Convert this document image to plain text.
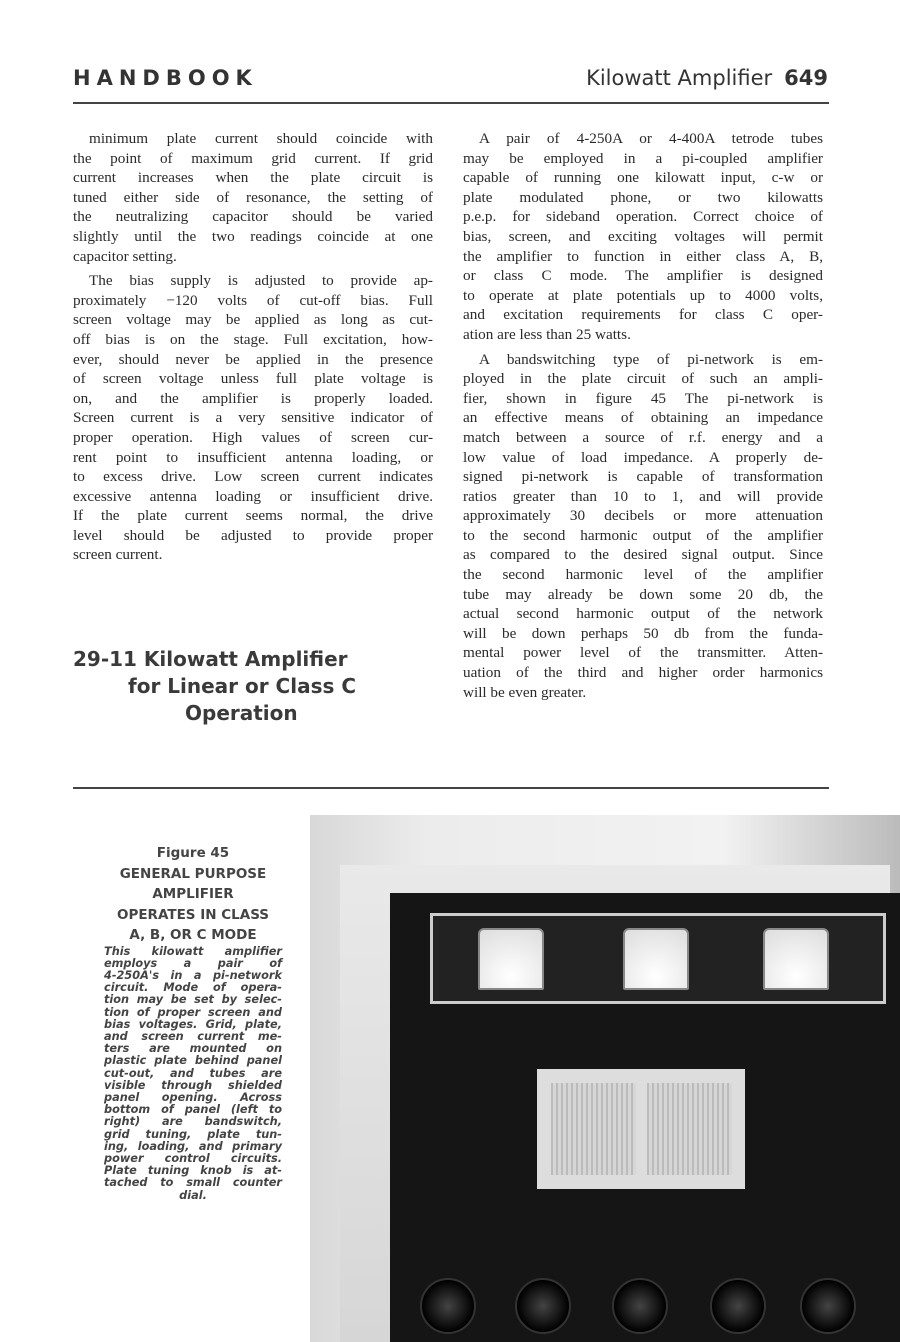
HANDBOOK	Kilowatt Amplifier 649
minimum plate current should coincide with
the point of maximum grid current. If grid
current increases when the plate circuit is
tuned either side of resonance, the setting of
the neutralizing capacitor should be varied
slightly until the two readings coincide at one
capacitor setting.
The bias supply is adjusted to provide ap-
proximately −120 volts of cut-off bias. Full
screen voltage may be applied as long as cut-
off bias is on the stage. Full excitation, how-
ever, should never be applied in the presence
of screen voltage unless full plate voltage is
on, and the amplifier is properly loaded.
Screen current is a very sensitive indicator of
proper operation. High values of screen cur-
rent point to insufficient antenna loading, or
to excess drive. Low screen current indicates
excessive antenna loading or insufficient drive.
If the plate current seems normal, the drive
level should be adjusted to provide proper
screen current.
A pair of 4-250A or 4-400A tetrode tubes
may be employed in a pi-coupled amplifier
capable of running one kilowatt input, c-w or
plate modulated phone, or two kilowatts
p.e.p. for sideband operation. Correct choice of
bias, screen, and exciting voltages will permit
the amplifier to function in either class A, B,
or class C mode. The amplifier is designed
to operate at plate potentials up to 4000 volts,
and excitation requirements for class C oper-
ation are less than 25 watts.
A bandswitching type of pi-network is em-
ployed in the plate circuit of such an ampli-
fier, shown in figure 45 The pi-network is
an effective means of obtaining an impedance
match between a source of r.f. energy and a
low value of load impedance. A properly de-
signed pi-network is capable of transformation
ratios greater than 10 to 1, and will provide
approximately 30 decibels or more attenuation
to the second harmonic output of the amplifier
as compared to the desired signal output. Since
the second harmonic level of the amplifier
tube may already be down some 20 db, the
actual second harmonic output of the network
will be down perhaps 50 db from the funda-
mental power level of the transmitter. Atten-
uation of the third and higher order harmonics
will be even greater.
29-11 Kilowatt Amplifier
for Linear or Class C
Operation
Figure 45
GENERAL PURPOSE
AMPLIFIER
OPERATES IN CLASS
A, B, OR C MODE
This kilowatt amplifier
employs a pair of
4-250A's in a pi-network
circuit. Mode of opera-
tion may be set by selec-
tion of proper screen and
bias voltages. Grid, plate,
and screen current me-
ters are mounted on
plastic plate behind panel
cut-out, and tubes are
visible through shielded
panel opening. Across
bottom of panel (left to
right) are bandswitch,
grid tuning, plate tun-
ing, loading, and primary
power control circuits.
Plate tuning knob is at-
tached to small counter
dial.
